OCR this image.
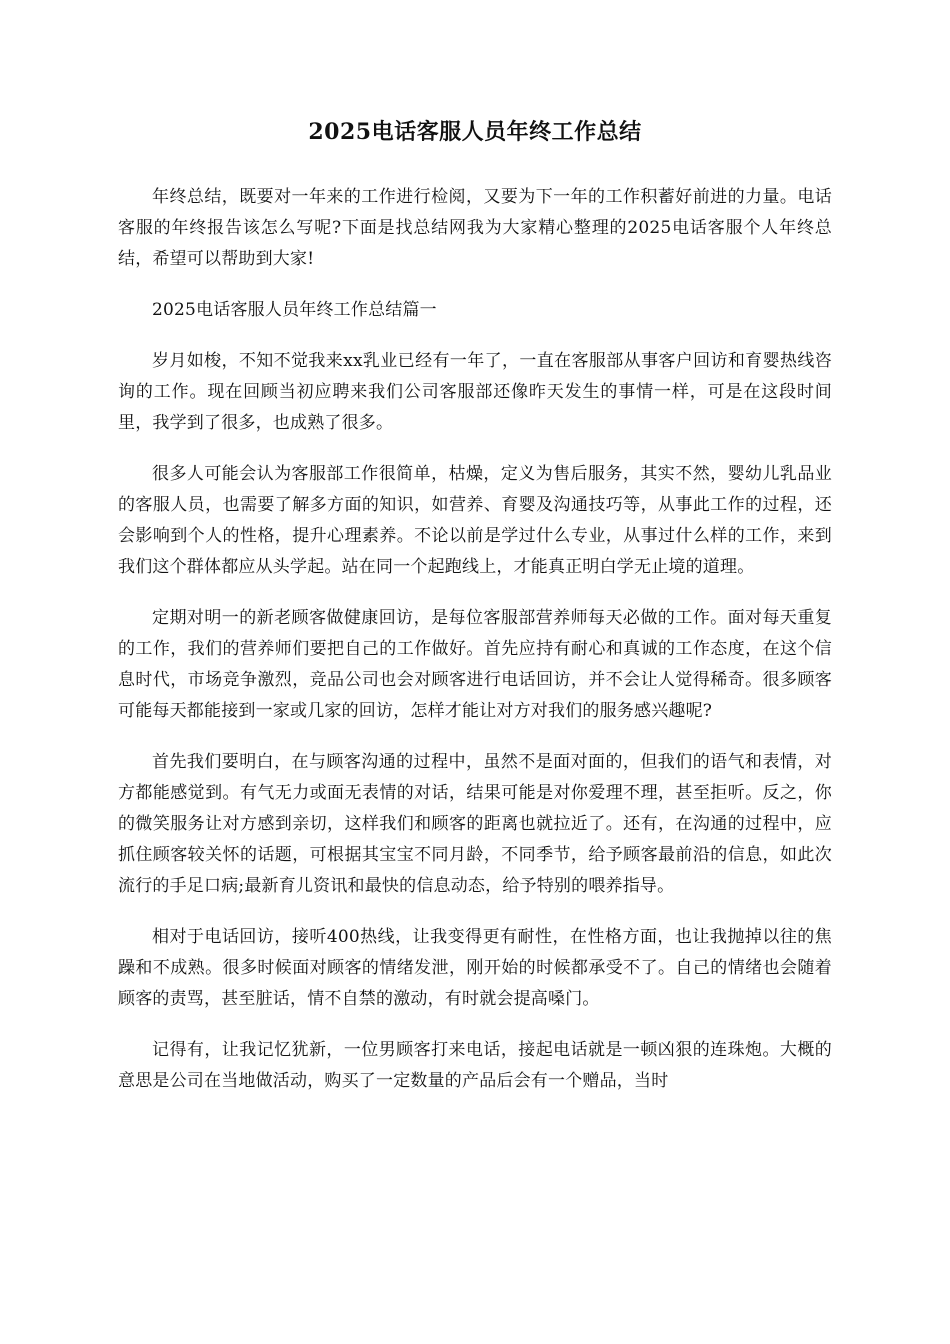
2025电话客服人员年终工作总结

年终总结，既要对一年来的工作进行检阅，又要为下一年的工作积蓄好前进的力量。电话客服的年终报告该怎么写呢?下面是找总结网我为大家精心整理的2025电话客服个人年终总结，希望可以帮助到大家!

2025电话客服人员年终工作总结篇一

岁月如梭，不知不觉我来xx乳业已经有一年了，一直在客服部从事客户回访和育婴热线咨询的工作。现在回顾当初应聘来我们公司客服部还像昨天发生的事情一样，可是在这段时间里，我学到了很多，也成熟了很多。

很多人可能会认为客服部工作很简单，枯燥，定义为售后服务，其实不然，婴幼儿乳品业的客服人员，也需要了解多方面的知识，如营养、育婴及沟通技巧等，从事此工作的过程，还会影响到个人的性格，提升心理素养。不论以前是学过什么专业，从事过什么样的工作，来到我们这个群体都应从头学起。站在同一个起跑线上，才能真正明白学无止境的道理。

定期对明一的新老顾客做健康回访，是每位客服部营养师每天必做的工作。面对每天重复的工作，我们的营养师们要把自己的工作做好。首先应持有耐心和真诚的工作态度，在这个信息时代，市场竞争激烈，竞品公司也会对顾客进行电话回访，并不会让人觉得稀奇。很多顾客可能每天都能接到一家或几家的回访，怎样才能让对方对我们的服务感兴趣呢?

首先我们要明白，在与顾客沟通的过程中，虽然不是面对面的，但我们的语气和表情，对方都能感觉到。有气无力或面无表情的对话，结果可能是对你爱理不理，甚至拒听。反之，你的微笑服务让对方感到亲切，这样我们和顾客的距离也就拉近了。还有，在沟通的过程中，应抓住顾客较关怀的话题，可根据其宝宝不同月龄，不同季节，给予顾客最前沿的信息，如此次流行的手足口病;最新育儿资讯和最快的信息动态，给予特别的喂养指导。

相对于电话回访，接听400热线，让我变得更有耐性，在性格方面，也让我抛掉以往的焦躁和不成熟。很多时候面对顾客的情绪发泄，刚开始的时候都承受不了。自己的情绪也会随着顾客的责骂，甚至脏话，情不自禁的激动，有时就会提高嗓门。

记得有，让我记忆犹新，一位男顾客打来电话，接起电话就是一顿凶狠的连珠炮。大概的意思是公司在当地做活动，购买了一定数量的产品后会有一个赠品，当时
